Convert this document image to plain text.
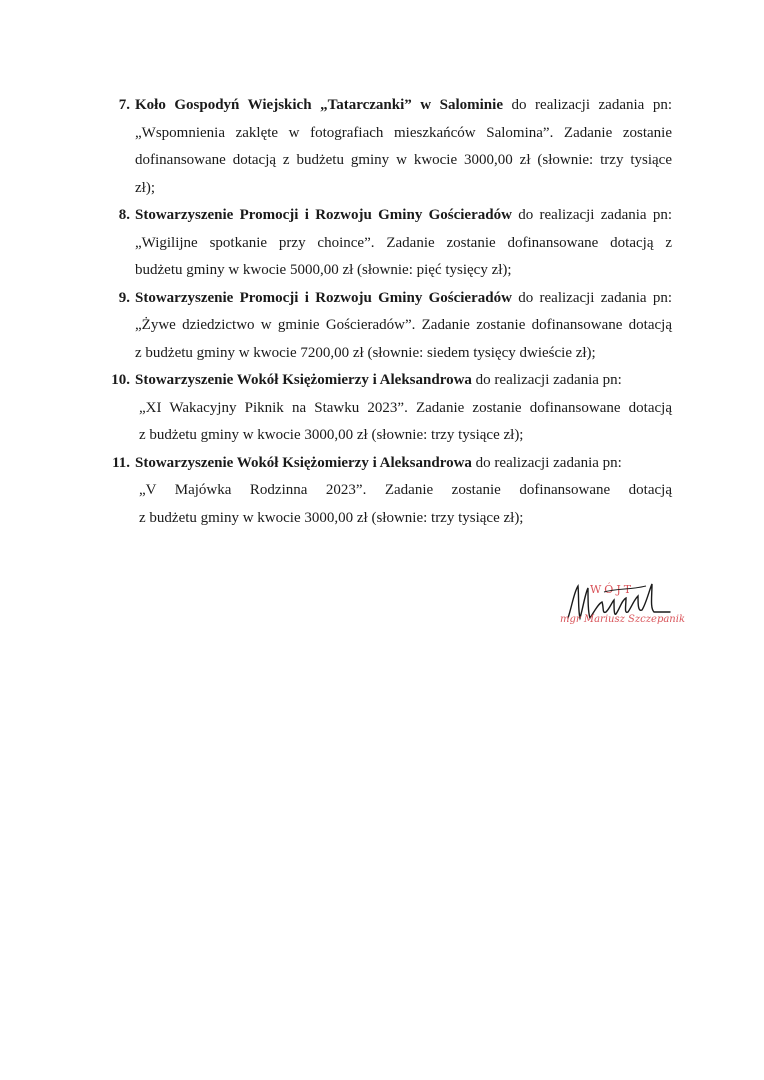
7. Koło Gospodyń Wiejskich „Tatarczanki” w Salominie do realizacji zadania pn:
„Wspomnienia zaklęte w fotografiach mieszkańców Salomina”. Zadanie zostanie
dofinansowane dotacją z budżetu gminy w kwocie 3000,00 zł (słownie: trzy tysiące
zł);
8. Stowarzyszenie Promocji i Rozwoju Gminy Gościeradów do realizacji zadania pn:
„Wigilijne spotkanie przy choince”. Zadanie zostanie dofinansowane dotacją z
budżetu gminy w kwocie 5000,00 zł (słownie: pięć tysięcy zł);
9. Stowarzyszenie Promocji i Rozwoju Gminy Gościeradów do realizacji zadania pn:
„Żywe dziedzictwo w gminie Gościeradów”. Zadanie zostanie dofinansowane dotacją
z budżetu gminy w kwocie 7200,00 zł (słownie: siedem tysięcy dwieście zł);
10. Stowarzyszenie Wokół Księżomierzy i Aleksandrowa do realizacji zadania pn:
„XI Wakacyjny Piknik na Stawku 2023”. Zadanie zostanie dofinansowane dotacją
z budżetu gminy w kwocie 3000,00 zł (słownie: trzy tysiące zł);
11. Stowarzyszenie Wokół Księżomierzy i Aleksandrowa do realizacji zadania pn:
„V Majówka Rodzinna 2023”. Zadanie zostanie dofinansowane dotacją
z budżetu gminy w kwocie 3000,00 zł (słownie: trzy tysiące zł);
WÓJT
mgr Mariusz Szczepanik
